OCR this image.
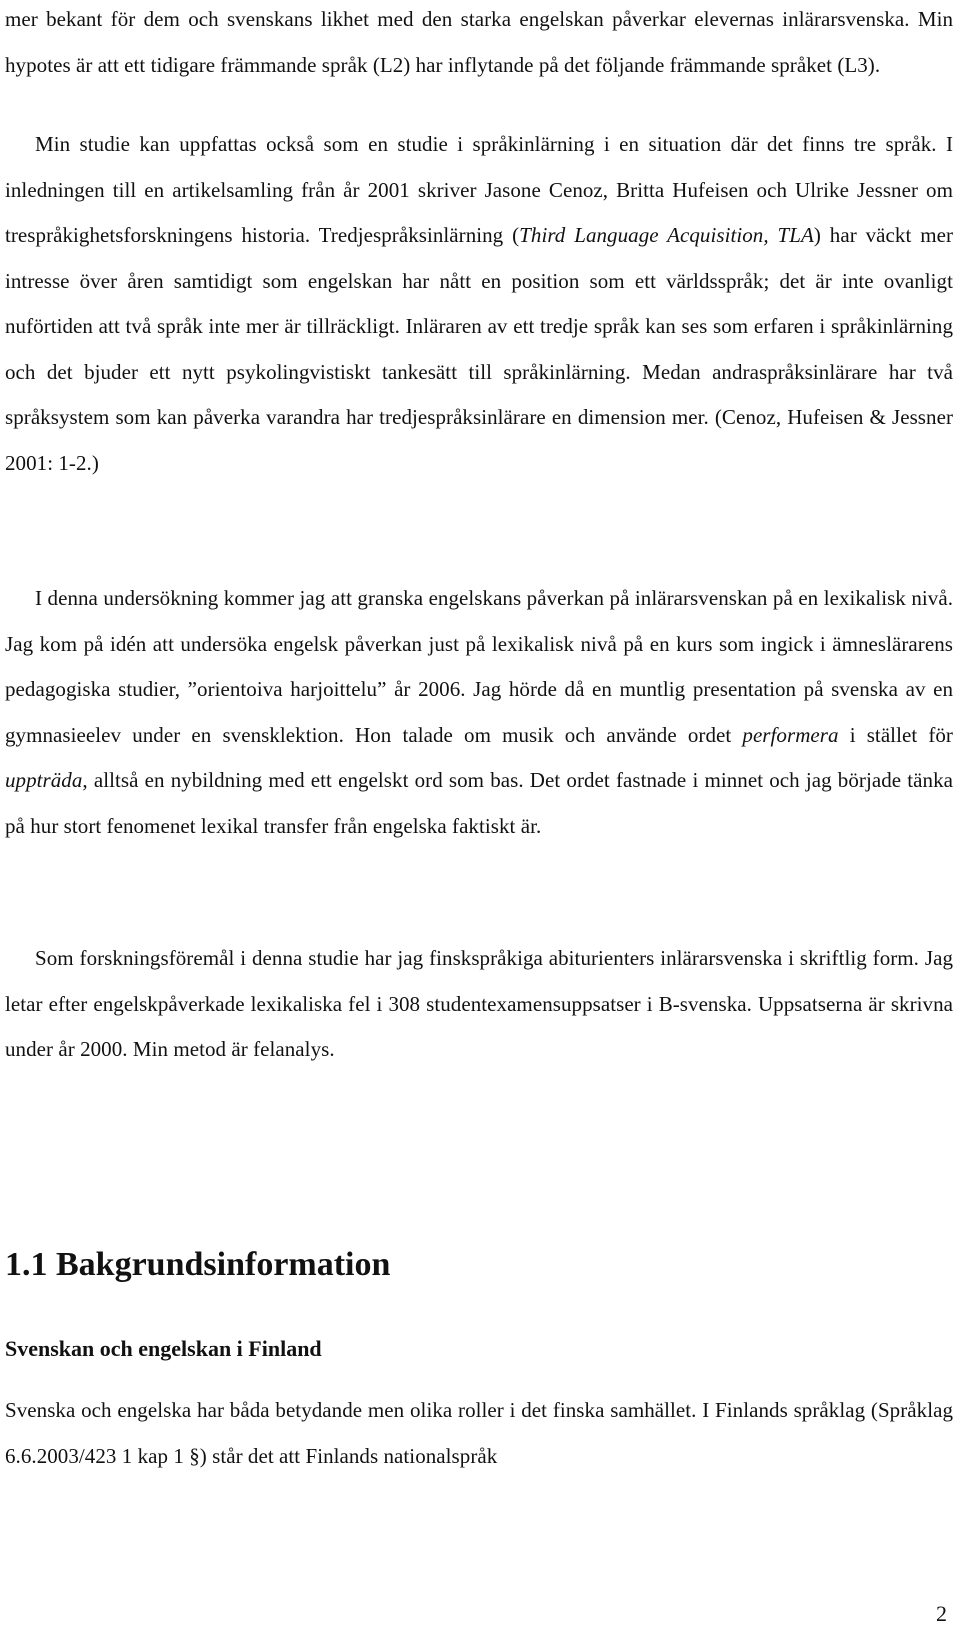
mer bekant för dem och svenskans likhet med den starka engelskan påverkar elevernas inlärarsvenska. Min hypotes är att ett tidigare främmande språk (L2) har inflytande på det följande främmande språket (L3).

Min studie kan uppfattas också som en studie i språkinlärning i en situation där det finns tre språk. I inledningen till en artikelsamling från år 2001 skriver Jasone Cenoz, Britta Hufeisen och Ulrike Jessner om trespråkighetsforskningens historia. Tredjespråksinlärning (Third Language Acquisition, TLA) har väckt mer intresse över åren samtidigt som engelskan har nått en position som ett världsspråk; det är inte ovanligt nuförtiden att två språk inte mer är tillräckligt. Inläraren av ett tredje språk kan ses som erfaren i språkinlärning och det bjuder ett nytt psykolingvistiskt tankesätt till språkinlärning. Medan andraspråksinlärare har två språksystem som kan påverka varandra har tredjespråksinlärare en dimension mer. (Cenoz, Hufeisen & Jessner 2001: 1-2.)

I denna undersökning kommer jag att granska engelskans påverkan på inlärarsvenskan på en lexikalisk nivå. Jag kom på idén att undersöka engelsk påverkan just på lexikalisk nivå på en kurs som ingick i ämneslärarens pedagogiska studier, ”orientoiva harjoittelu” år 2006. Jag hörde då en muntlig presentation på svenska av en gymnasieelev under en svensklektion. Hon talade om musik och använde ordet performera i stället för uppträda, alltså en nybildning med ett engelskt ord som bas. Det ordet fastnade i minnet och jag började tänka på hur stort fenomenet lexikal transfer från engelska faktiskt är.

Som forskningsföremål i denna studie har jag finskspråkiga abiturienters inlärarsvenska i skriftlig form. Jag letar efter engelskpåverkade lexikaliska fel i 308 studentexamensuppsatser i B-svenska. Uppsatserna är skrivna under år 2000. Min metod är felanalys.

1.1 Bakgrundsinformation
Svenskan och engelskan i Finland

Svenska och engelska har båda betydande men olika roller i det finska samhället. I Finlands språklag (Språklag 6.6.2003/423 1 kap 1 §) står det att Finlands nationalspråk

2
